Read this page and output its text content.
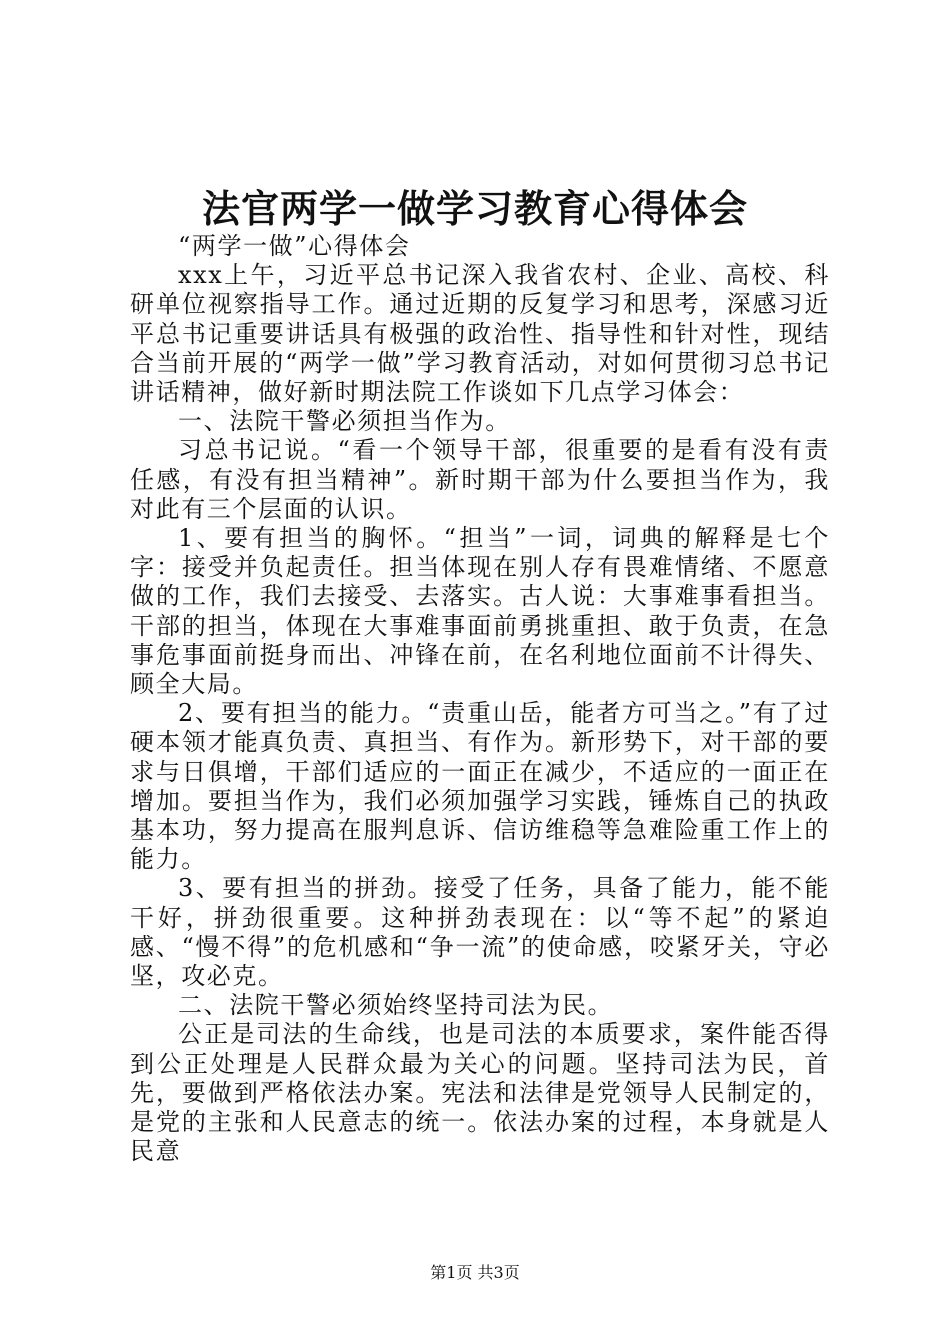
法官两学一做学习教育心得体会

“两学一做”心得体会

xxx上午，习近平总书记深入我省农村、企业、高校、科研单位视察指导工作。通过近期的反复学习和思考，深感习近平总书记重要讲话具有极强的政治性、指导性和针对性，现结合当前开展的“两学一做”学习教育活动，对如何贯彻习总书记讲话精神，做好新时期法院工作谈如下几点学习体会：

一、法院干警必须担当作为。

习总书记说。“看一个领导干部，很重要的是看有没有责任感，有没有担当精神”。新时期干部为什么要担当作为，我对此有三个层面的认识。

1、要有担当的胸怀。“担当”一词，词典的解释是七个字：接受并负起责任。担当体现在别人存有畏难情绪、不愿意做的工作，我们去接受、去落实。古人说：大事难事看担当。干部的担当，体现在大事难事面前勇挑重担、敢于负责，在急事危事面前挺身而出、冲锋在前，在名利地位面前不计得失、顾全大局。

2、要有担当的能力。“责重山岳，能者方可当之。”有了过硬本领才能真负责、真担当、有作为。新形势下，对干部的要求与日俱增，干部们适应的一面正在减少，不适应的一面正在增加。要担当作为，我们必须加强学习实践，锤炼自己的执政基本功，努力提高在服判息诉、信访维稳等急难险重工作上的能力。

3、要有担当的拼劲。接受了任务，具备了能力，能不能干好，拼劲很重要。这种拼劲表现在：以“等不起”的紧迫感、“慢不得”的危机感和“争一流”的使命感，咬紧牙关，守必坚，攻必克。

二、法院干警必须始终坚持司法为民。

公正是司法的生命线，也是司法的本质要求，案件能否得到公正处理是人民群众最为关心的问题。坚持司法为民，首先，要做到严格依法办案。宪法和法律是党领导人民制定的，是党的主张和人民意志的统一。依法办案的过程，本身就是人民意

第1页 共3页
